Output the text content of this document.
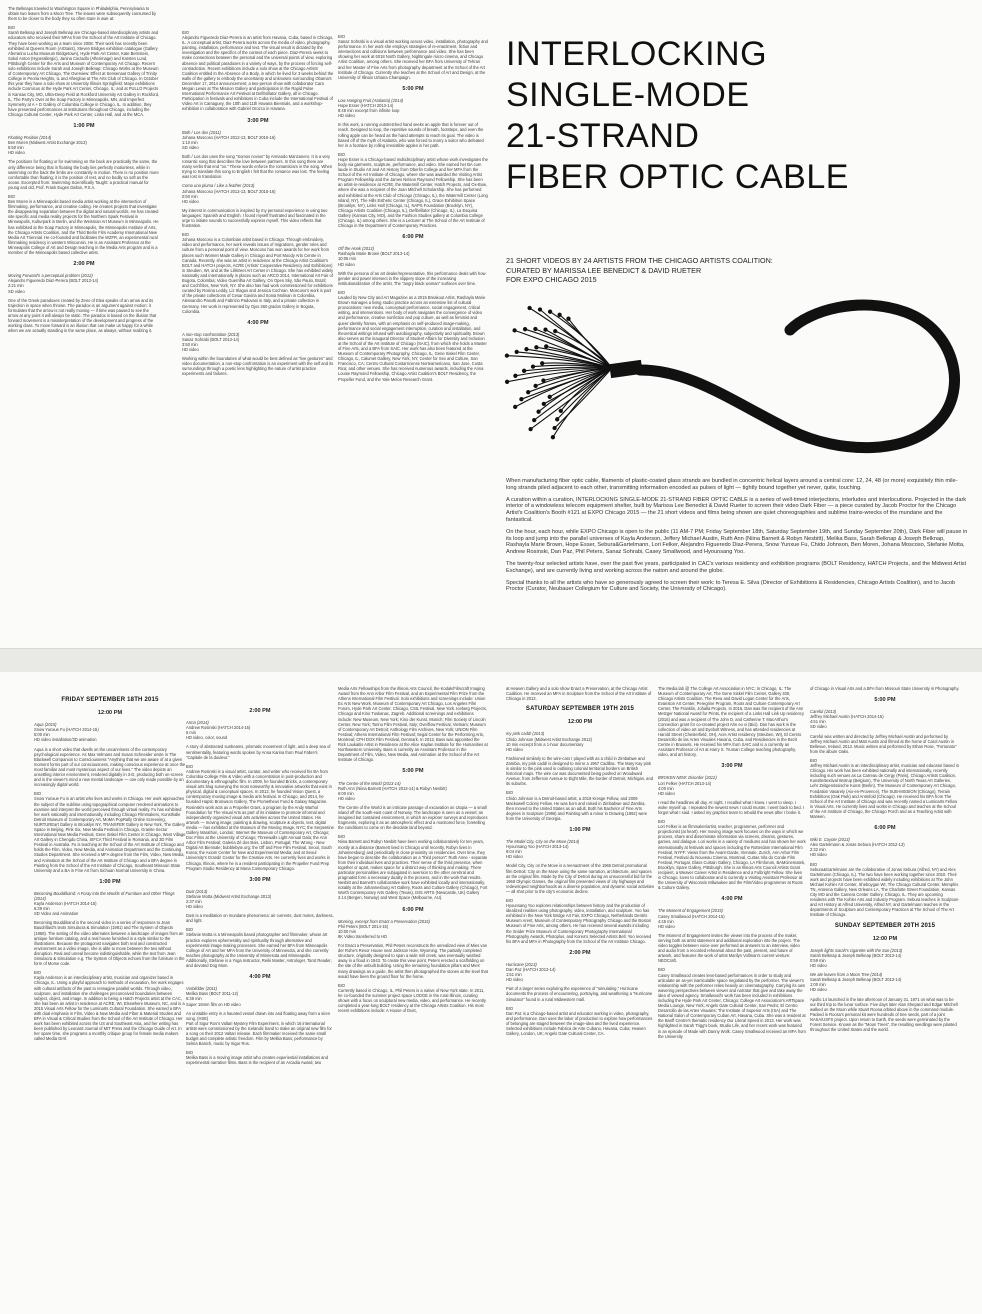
The Belknaps traveled to Washington Square in Philadelphia, Pennsylvania to obtain two leaves from a Moon Tree. The leaves were subsequently consumed by them to be closer to the body they so often stare in awe at.

BIO
Sarah Belknap and Joseph Belknap are Chicago-based interdisciplinary artists and educators who received their MFAs from the School of the Art Institute of Chicago. They have been working as a team since 2008. Their work has recently been exhibited at Queens Room (ArtSaint), Steven Bridges exhibition catalogue (Gallery Aferrarino Lucha Museum Bridgetown), Hyde Park Art Center, Kate Bernstein, Sokol Anton (Hyperallergic), Janina Ciezadlo (Afterimage) and Karsten Lund, Pittsburgh Center for the Arts and Museum of Contemporary Art Chicago. Recent solo exhibitions include Sarah and Joseph Belknap: Chicago Works at the Museum of Contemporary Art Chicago, The Overview: Effect at Sensenaut Gallery of Trinity College in Peoria Heights, IL and Afterglow at The Arts Club of Chicago. In October this year they have a solo show at University Illinois Springfield. Major exhibitions include Cosmicus at the Hyde Park Art Center, Chicago, IL; and at PULLO Projects in Kansas City, MO, Ultra-Deep Field at Rockford University Art Gallery in Rockford, IL, The Party's Over at the Soap Factory in Minneapolis, MN, and Imperfect Symmetry at A + D Gallery of Columbia College in Chicago, IL. In addition, they have presented performances at institutions throughout Chicago, including the Chicago Cultural Center, Hyde Park Art Center, Links Hall, and at the MCA.

1:00 PM
Floating Position (2014)
Ben Moren (Midwest Artist Exchange 2013)
5:50 min
HD video

The positions for floating or for swimming on the back are practically the same, the only difference being that in floating the body lies perfectly motionless, while in swimming on the back the limbs are constantly in motion. There is no position more comfortable than floating; it is the position of rest, and no bodily so soft as the ocean. Excerpted from: Swimming Scientifically Taught: a practical manual for young and old, Prof. Frank Eugen Dalton, P.S.A.

BIO
Ben Moren is a Minneapolis based media artist working at the intersection of filmmaking, performance, and creative coding. He creates projects that investigate the disappearing separation between the digital and natural worlds. He has created site specific and media reality projects for the Northern Spark Festival in Minneapolis, Kulturpark in Berlin, and the Weisman Art Museum in Minneapolis. He has exhibited at the Soap Factory in Minneapolis, the Minneapolis Institute of Arts, the Chicago Artists Coalition, and the Third Berlin Film Academy International New Media Art Triennial. He co-founded and facilitates the WZFR, an experimental rural filmmaking residency in western Wisconsin. He is an Assistant Professor at the Minneapolis College of Art and Design teaching in the Media Arts program and is a member of the Minneapolis based collective artist.

2:00 PM
Moving Forward's a perceptual problem (2012)
Alejandro Figueredo Diaz-Perera (BOLT 2013-14)
2:21 min
SD video

One of the Greek paradoxes created by Zeno of Elea speaks of an arrow and its trajection in space when thrown. The paradox is an argument against motion: it formulates that the arrow is not really moving — if time was paused to see the arrow at any point it will always be static. The paradox is based on the illusion that forward movement is a misinterpretation of the development and progress of the working class. To move forward is an illusion that can make us happy for a while when we are actually standing in the same place, as always, without realizing it.

BIO
Alejandro Figueredo Diaz-Perera is an artist from Havana, Cuba, based in Chicago, IL. A conceptual artist, Diaz-Perera works across the media of video, photography, painting, installation, performance and text. The visual result is dictated by the investigation and the specifics of the context of each piece. Diaz-Perera seeks to make connections between the personal and the universal points of view, exploring absence and political paradoxes in a variety of ways, by the process of forcing self-contradiction. Recent exhibitions include a solo show at the Chicago Artists' Coalition entitled In the Absence of a Body, in which he lived for 3 weeks behind the walls of the gallery to embody the uncertainty and unknowns surrounding Obama's December 17, 2014 announcement; a two-person show with collaborator Cara Megan Lewis at The Mission Gallery and participation in the Rapid Pulse International Performance Art Festival at Defibrillator Gallery, all in Chicago. Participation in festivals and exhibitions in Cuba include the International Festival of Video Art in Camaguey, the 10th and 11th Havana Biennials, and a workshop-exhibition in collaboration with Gabriel Orozco in Havana.

3:00 PM
Both / Los dos (2011)
Johana Moscoso (HATCH 2012-13, BOLT 2015-16)
1:10 min
SD video

Both / Los dos uses the song "Somos novios" by Armando Manzanero. It is a very romantic song that describes the love between partners. In this song there are many verbs that end "os." These words enforce the romanticism in the song. When trying to translate this song to English I felt that the romance was lost. The feeling was lost in translation.

Como una pluma / Like a feather (2013)
Johana Moscoso (HATCH 2012-13, BOLT 2015-16)
0:50 min
HD video

My interest in communication is inspired by my personal experience in using two languages: Spanish and English. I found myself frustrated and fascinated in the urge to initiate sounds to successfully express myself. This video reflects that frustration.

BIO
Johana Moscoso is a Colombian artist based in Chicago. Through embroidery, video and performance, her work reveals issues of migrations, gender roles and culture from a personal point of view. Moscoso has won awards for her work from places such Women Made Gallery in Chicago and Port Moody Arts Centre in Canada. Recently, she was an artist in residence at the Chicago Artist Coalition's BOLT and HATCH projects, ACRE (Artists' Cooperative Residency and Exhibitions) in Steuben, WI, and at the Lillstreet Art Center in Chicago. She has exhibited widely nationally and internationally in places such as ARCO 2014, International Art Fair of Bogota, Colombia; Video Guerrilha Art Gallery, On Open Sky, São Paulo, Brazil; and Cochfritos, New York, NY. She also has had work commissioned for exhibitions curated by Rosina Leddy, Liz Slagus and Jessica Cochran. Moscoso's work is part of the private collections of Cesar Gaviria and Sonia Molinan in Colombia, Alessandro Pasotti and Fabrizio Padovani in Italy, and a private collection in Germany. Her work is represented by Ojos 360 grados Gallery in Bogota, Colombia.

4:00 PM
A non-stop confrontation (2013)
Sanaz Sohrabi (BOLT 2013-14)
3:50 min
HD video

Working within the boundaries of what would be best defined as "live gestures" and video documentation, a non-stop confrontation is an experiment with the self and its surroundings through a poetic lens highlighting the nature of artist practice experiments and failures.

BIO
Sanaz Sohrabi is a visual artist working across video, installation, photography and performance. In her work she employs strategies of re-enactment, fiction and intersections and collisions between performance and video. She has been showing her work at 6018 North Gallery, Nightingale micro cinema, and Chicago Artist Coalition, among others. She received her BFA from University of Tehran and her Master of Fine Arts from photography department at the School of the Art Institute of Chicago. Currently she teaches at the School of Art and Design, at the University of Illinois Urbana Champaign.

5:00 PM
Low Hanging Fruit (Atalanta) (2014)
Hope Esser (HATCH 2013-14)
8:48 min excerpt from infinite loop
HD video

In this work, a running outstretched hand seeks an apple that is forever out of reach. Designed to loop, the repetitive sounds of breath, footsteps, and even the rolling apple can be heard as the hand attempts to reach its goal. The video is based off of the myth of Atalanta, who was forced to marry a suitor who defeated her in a footrace by rolling irresistible apples in her path.

BIO
Hope Esser is a Chicago-based multidisciplinary artist whose work investigates the body via garments, sculpture, performance, and video. She earned her BA cum laude in Studio Art and Art History from Oberlin College and her MFA from the School of the Art Institute of Chicago, where she was awarded the Visiting Artist Program Fellowship and the James Nelson Raymond Fellowship. She has been an artist-in-residence at ACRE, the Watermill Center, Hatch Projects, and Ox-Bow, where she was a recipient of the Joan Mitchell Scholarship. She has performed and exhibited at the Arts Club of Chicago (Chicago, IL), the Watermill Center (Long Island, NY), The Hills Esthetic Center (Chicago, IL), Grace Exhibition Space (Brooklyn, NY), Links Hall (Chicago, IL), NAPS Foundation (Brooklyn, NY), Chicago Artists Coalition (Chicago, IL), Defibrillator (Chicago, IL), La Esquina Gallery (Kansas City, MO), and the Fashion Studies gallery at Columbia College (Chicago, IL) among others. She is a Lecturer at The School of the Art Institute of Chicago in the Department of Contemporary Practices.

6:00 PM
Off the Hook (2013)
Rashayla Marie Brown (BOLT 2013-14)
10:06 min
HD video

With the persona of an art dealer/representative, this performance deals with how gender and power intersect in the slippery slope of the increasing institutionalization of the artist. The "angry black woman" surfaces over time.

BIO
Lauded by New City and Art Magazine as a 2015 Breakout Artist, Rashayla Marie Brown manages a living studio practice across an extensive list of cultural provocations: new media, conceptual performance, social engagement, critical writing, and interventions. Her body of work navigates the convergence of video and performance, creative nonfiction and pop culture, as well as feminist and queer identity frames, with an emphasis on self-produced image-making, performance and social engagement interruption, curation and installation, and theoretical writings infused with autobiography, subjectivity and spirituality. Brown also serves as the inaugural Director of Student Affairs for Diversity and Inclusion at the School of the Art Institute of Chicago (SAIC), from which she holds a Master of Fine Arts, and a BFA from SAIC. Her work has also been featured at the Museum of Contemporary Photography, Chicago, IL, Gene Siskel Film Center, Chicago, IL, Calumet Gallery, New York, NY; Center for Sex and Culture, San Francisco, CA; Centro Cultural Costarricense Norteamericano, San Jose, Costa Rica; and other venues. She has received numerous awards, including the Anna Louise Raymond Fellowship, Chicago Artist Coalition's BOLT Residency, the Propeller Fund, and the Yale Melon Research Grant.

INTERLOCKING
SINGLE-MODE
21-STRAND
FIBER OPTIC CABLE
21 SHORT VIDEOS BY 24 ARTISTS FROM THE CHICAGO ARTISTS COALITION:
CURATED BY MARISSA LEE BENEDICT & DAVID RUETER
FOR EXPO CHICAGO 2015

When manufacturing fiber optic cable, filaments of plastic-coated glass strands are bundled in concentric helical layers around a central core: 12, 24, 48 (or more) exquisitely thin mile-long strands piled adjacent to each other, transmitting information encoded as pulses of light — tightly bound together yet never, quite, touching.

A curation within a curation, INTERLOCKING SINGLE-MODE 21-STRAND FIBER OPTIC CABLE is a series of well-timed interjections, interludes and interlocutions. Projected in the dark interior of a windowless telecom equipment shelter, built by Marissa Lee Benedict & David Rueter to screen their video Dark Fiber — a piece curated by Jacob Proctor for the Chicago Artist's Coalition's Booth #121 at EXPO Chicago 2015 — the 21 short videos and films being shown are quiet choreographies and sublime trains-wrecks of the mundane and the fantastical.

On the hour, each hour, while EXPO Chicago is open to the public (11 AM-7 PM; Friday September 18th, Saturday September 19th, and Sunday September 20th), Dark Fiber will pause in its loop and jump into the parallel universes of Kayla Anderson, Jeffery Michael Austin, Ruth Ann (Niina Barnett & Robyn Nesbitt), Melika Bass, Sarah Belknap & Joseph Belknap, Rashayla Marie Brown, Hope Esser, Sebura&Gartelmann, Lori Felker, Alejandro Figueredo Diaz-Perera, Snow Yunxue Fu, Chido Johnson, Ben Moren, Johana Moscoso, Stefanie Motta, Andrew Rosinski, Dan Paz, Phil Peters, Sanaz Sohrabi, Casey Smallwood, and Hyounsang Yoo.

The twenty-four selected artists have, over the past five years, participated in CAC's various residency and exhibition programs (BOLT Residency, HATCH Projects, and the Midwest Artist Exchange), and are currently living and working across the nation and around the globe.

Special thanks to all the artists who have so generously agreed to screen their work: to Teresa E. Silva (Director of Exhibitions & Residencies, Chicago Artists Coalition), and to Jacob Proctor (Curator, Neubauer Collegium for Culture and Society, the University of Chicago).

FRIDAY SEPTEMBER 18TH 2015
12:00 PM
Aqua (2015)
Snow Yunxue Fu (HATCH 2014-15)
5:00 min
HD video installation/3D animation

Aqua is a short video that dwells on the uncanniness of the contemporary psychological experience. As Max Velmans and Susan Schneider wrote in The Blackwell Companion to Consciousness "Anything that we are aware of at a given moment forms part of our consciousness, making conscious experience at once the most familiar and most mysterious aspect of our lives." The video depicts an unsettling interior environment, rendered digitally in 3-D, producing both on-screen and in the viewer's mind a new mental landscape — one only made possible by an increasingly digital world.

BIO
Snow Yunxue Fu is an artist who lives and works in Chicago. Her work approaches the subject of the sublime using topographical computer rendered animations to examine and interpret the world perceived through virtual reality. Fu has exhibited her work nationally and internationally, including Chicago Filmmakers, Kunsthalle Detroit Museum of Contemporary Art, MoMA PopRally Online Screening, NURTUREart Gallery in Brooklyn NY, TRANSFER Gallery in New York, The Gallery Space in Beijing, Pink Six, New Media Festival in Chicago, Granite Sector International New Media Festival, Gene Siskel Film Center in Chicago, West Village Art Gallery in Chengdu China, SIFCA Third Festival in Romania, and 3D Film Festival in Australia. Fu is teaching at the School of the Art Institute of Chicago and holds the Film, Video, New Media, and Animation Department and the Continuing Studies Department. She received a MFA degree from the Film, Video, New Media, and Animation at the School of the Art Institute of Chicago and a BFA degree in Painting from the School of the Art Institute of Chicago, Southeast Missouri State University and a BA in Fine Art from Sichuan Normal University in China.

1:00 PM
Becoming Bouddikand: A Foray into the Worlds of Furniture and Other Things (2014)
Kayla Anderson (HATCH 2014-15)
6:39 min
SD Video and Animation

Becoming Bouddikand is the second video in a series of responses to Jean Baudrillard's texts Simulacra & Simulation (1981) and The System of Objects (1968). The setting of the video alternates between a landscape of images from an antique furniture catalog, and a real house furnished in a style similar to the illustrations. Because the protagonist navigates both real and constructed environment as a video image, she is able to move between the two without disruption. Real and unreal become indistinguishable, while the text from Jean Simulacra & Simulation e.g. The System of Objects echoes from the furniture in the form of Morse code.

BIO
Kayla Anderson is an interdisciplinary artist, musician and organizer based in Chicago, IL. Using a playful approach to methods of excavation, her work engages with cultural artifacts of the past to reimagine parallel worlds. Through video, sculpture, and installation she challenges preconceived boundaries between subject, object, and image. In addition to being a Hatch Projects artist at the CAC, she has been an artist in residence at ACRE, WI, Elsewhere Museum, NC, and is a 2015 Visual Arts Fellow for the Luminarts Cultural Foundation. She earned a BFA with dual emphasis in Film, Video & New Media and Fiber & Material Studies and BFA in Visual & Critical Studies from the School of the Art Institute of Chicago. Her work has been exhibited across the US and Southeast Asia, and her writing has been published by Leonard Journal of MIT Press and the Chicago Guide of Art. In her spare time, she programs a monthly critique group for female media makers called Media Grrrl.

2:00 PM
Arma (2014)
Andrew Rosinski (HATCH 2014-15)
6 min
HD video, color, sound

A story of abstracted sunbeams, prismatic movement of light, and a deep sea of sentimentality, featuring words spoken by Anna Karina from Paul Fabre's "Capitale de la douleur."

BIO
Andrew Rosinski is a visual artist, curator, and writer who received his BA from Columbia College Film & Video with a concentration in post-production and documentary & ethnographic film. In 2009, he founded Bricks, a contemporary visual arts blog surveying the most noteworthy & innovative artworks that exist in physical, digital & conceptual spaces. In 2012, he founded Vision Quest, a contemporary moving image & media arts festival. In Chicago, and 2014, he founded Haptic Bronwson Gallery, The Prometheus Fund & Galaxy Magazine. Rosinski's work acts as a Propeller Grant, a program by the Andy Warhol Foundation for The Visual Arts as part of its initiative to promote informal and independently organized visual arts activities across the United States. His artwork — moving image, painting & drawing, sculpture & objects, text, digital media — has exhibited at the Museum of the Moving Image, NYC; the Serpentine Gallery Marathon, London; Internet the Museum of Contemporary Art, Chicago; Doc Films at the University of Chicago; Threewalls Light Annual Gala; the Ann Arbor Film Festival; Galeria Zé dos Bois, Lisbon, Portugal; The Wrong - New Digital Art Biennale; bubblebyte.org; the Off and Free Film Festival, Seoul, South Korea; the Axiom Center for New and Experimental Media; and at Seoul University's Grandi! Center for the Creative Arts. He currently lives and works in Chicago, Illinois, where he is a resident participating in the Propeller Fund Prep Program Studio Residency at Mana Contemporary Chicago.

3:00 PM
Dust (2013)
Stefanie Motta (Midwest Artist Exchange 2013)
2:37 min
HD video

Dust is a meditation on mundane phenomena: air currents, dust motes, darkness, and light.

BIO
Stefanie Motta is a Minneapolis based photographer and filmmaker, whose art practice explores ephemerality and spirituality through alternative and experimental image making processes. She earned her BFA from Minneapolis College of Art and her MFA from the University of Minnesota, and she currently teaches photography at the University of Minnesota and Minneapolis. Additionally, Stefanie is a Yoga Instructor, Reiki Master, Astrologer, Tarot Reader, and devoted Dog Mom.

4:00 PM
Vorbildder (2011)
Melika Bass (BOLT 2011-12)
6:38 min
Super 16mm film on HD video

An unstable entry in a haunted vessel drawn into and floating away from a siren song. (HSE)
Part of Sigur Ros's Valtari Mystery Film Experiment, in which 16 international artists were commissioned by the Icelandic band to make an original new film for a song on their 2012 Valtari release. Each filmmaker received the same small budget and complete artistic freedom. Film by Melika Bass; performance by Selma Banich, music by Sigur Ros.

BIO
Melika Bass is a moving image artist who creates experiential installations and experimental narrative films. Bass is the recipient of an Arcadia Award, two

Media Arts Fellowships from the Illinois Arts Council, the Kodak/Filmcraft Imaging Award from the Ann Arbor Film Festival, and an Experimental Film Prize from the Athens International Film Festival. Solo exhibitions and screenings include: Union Ex Arts New Work, Museum of Contemporary Art Chicago, Los Angeles Film Forum, Hyde Park Art Center, Chicago, CSIL Festival, New York. Iceberg Projects, Chicago and Kino Tuskanac, Zagreb. Additional screenings and exhibitions include: New Museum, New York; Kino der Kunst, Munich; Film Society of Lincoln Center, New York; Torino Film Festival, Italy; Overflow Festival, Vietnam; Museum of Contemporary Art Detroit; Anthology Film Archives, New York; UNION Film Festival; Athens International Film Festival; Segal Center for the Performing Arts, Montreal; CPH DOX Film Festival, Denmark. In 2013, Bass was appointed the Rick Laukaitis Artist in Residence at the Alice Kaplan Institute for the Humanities at Northwestern University. Bass is currently an Assistant Professor in the Department of Film, Video, New Media, and Animation at the School of the Art Institute of Chicago.

5:00 PM
The Centre of the World (2013-14)
Ruth Ann (Niina Barnett (HATCH 2013-14) & Robyn Nesbitt)
6:00 min
HD video

The Centre of the World is an intricate passage of excavation on Utopia — a small island off the south-east coast of Norway. The landscape is seen as a vessel; an imagined but contained environment, in which an explorer surveys and reproduces fragments, exploring it as an atmospheric effect and a monitored force, foretelling the conditions to come on the desolate land beyond.

BIO
Niina Barnett and Robyn Nesbitt have been working collaboratively for ten years, mostly at a distance (Barnett lived in Chicago until recently, Robyn lives in Johannesburg) and periodically in close proximity on residencies. Over time, they have begun to describe the collaboration as a "third person": Ruth Anne - separate from their individual lives and practices. Their sense of the third presence, when together or apart, makes space for a distinct way of thinking and making. There particular personalities are subjugated in aversion to the other cerebral and pragmatist form a necessary duality in the process, and in the work that results. Nesbitt and Barnett's collaborative work have exhibited locally and internationally, notably at the Johannesburg Art Gallery, Roots and Culture Gallery (Chicago), Fort Worth Contemporary Arts Gallery (Texas), ISIS ARTS (Newcastle, UK) Gallery 3.14 (Bergen, Norway) and West Space (Melbourne, AU).

6:00 PM
Morning, excerpt from Enact a Preservation (2015)
Phil Peters (BOLT 2014-15)
10:00 min
8K Video transferred to HD

For Enact a Preservation, Phil Peters reconstructs the unrealized view of Mies van der Rohe's Resor House near Jackson Hole, Wyoming. The partially completed structure, originally designed to span a wide mill creek, was eventually washed away in a flood in 1943. To create this view point, Peters erected a scaffolding on the site of the unbuilt building. Using the remaining foundation pillars and Mies' many drawings as a guide, the artist then photographed the stones at the level that would have been the ground floor for the home.

BIO
Currently based in Chicago, IL, Phil Peters is a native of New York state. In 2011, he co-founded the summer project space LODGE in the rural Illinois, curating shows with a focus on sculptural new media, video, and performance. He recently completed a year-long BOLT residency at the Chicago Artists Coalition. His most recent exhibitions include: A House of Dust,

at Heaven Gallery and a solo show Enact a Preservation, at the Chicago Artist Coalition. He received an MFA in Sculpture from the School of the Art Institute of Chicago in 2013.

SATURDAY SEPTEMBER 19TH 2015
12:00 PM
my pink cadd! (2013)
Chido Johnson (Midwest Artist Exchange 2012)
10 min excerpt from a 1-hour documentary
HD video

Fashioned similarly to the wire-cars I played with as a child in Zimbabwe and Zambia, my pink cadd! is designed to mirror a 1967 Cadillac. The Mary Kay pink is similar to the pink used in outlining colonial territorial borders on British historical maps. The wire car was documented being pushed on Woodward Avenue, from Jefferson Avenue to Eight Mile, the border of Detroit, Michigan, and its suburbs.

BIO
Chido Johnson is a Detroit-based artist, a 2019 Kresge Fellow, and 2009 Mackowell Colony Fellow. He was born and raised in Zimbabwe and Zambia, then moved to the United States as an adult. Both his Bachelor of Fine Arts degrees in Sculpture (1996) and Painting with a minor in Drawing (1992) were from the University of Georgia.

1:00 PM
The Model City, City on the Move (2014)
Hyounsang Yoo (HATCH 2013-14)
9:04 min
HD video

Model City, City on the Move is a reenactment of the 1965 Detroit promotional film Detroit: City on the Move using the same narration, architecture, and spaces as the original film. Made by the City of Detroit during an unsuccessful bid for the 1968 Olympic Games, the original film presented views of city highways and redeveloped neighborhoods as a diverse population, and dynamic social activities — all shot prior to the city's economic decline.

BIO
Hyounsang Yoo explores relationships between history and the production of idealized realities using photography, video, installation, and sculpture. Yoo has exhibited in the New York Bridge Art Fair, EXPO Chicago, Netherlands Dentris Museum Arent, Museum of Contemporary Photography Chicago and the Boston Museum of Fine Arts, among others. He has received several awards including the Snider Prize Museum of Contemporary Photography International Photography Awards, Photoplus, and Korea's Selected Artists Bell. Yoo received his BFA and MFA in Photography from the School of the Art Institute Chicago.

2:00 PM
Hurricane (2013)
Dan Paz (HATCH 2013-14)
1:51 min
HD video

Part of a larger series exploring the experience of "simulating," Hurricane documents the process of encountering, portraying, and weathering a "Hurricane Simulator" found in a rural Midwestern mall.

BIO
Dan Paz is a Chicago-based artist and educator working in video, photography, and performance. Dan uses the labor of production to explore how performances of belonging are staged between the image-idea and the lived experience. Selected exhibitions include Fabrica de Arte Cubano, Havana, Cuba; Heaven Gallery, London, UK; Angels Gate Cultural Center, CA.

The Media lab @ The College Art Association in NYC; In Chicago, IL: The Museum of Contemporary Art, The Gene Siskel Film Center, Gallery 400, Chicago Artists Coalition, The Reva and David Logan Center for the Arts, Evanston Art Center, Peregrine Program, Roots and Culture Contemporary Art Center, The Franklin, Johalla Projects. In 2016, Dan was the recipient of the Ann Metzger National Award for Prints, the recipient of a Links Hall Link Up residency (2016) and was a recipient of The John D. and Catherine T. MacArthur's Connection grant for co-created project Ahn eo vi (Bici). Dan has work in the collection of video art and Eyebolt Witness, and has attended residencies at Harold Street (Chesterfield, OH), Acre Artist residency (Steuben, WI), El Centro Desarrollo de las Artes Visuales Havana, Cuba, and Residencies in the Bezit Centre in Brussels. He received his MFA from SAIC and is a currently an Assistant Professor of Art at Harry S. Truman College teaching photography, video, and art history.

3:00 PM
BROKEN NEW: Disorder (2012)
Lori Felker (HATCH 2013-14)
4:00 min
HD video

I read the headlines all day. At night, I recalled what I knew. I went to sleep. I woke myself up. I repeated the newest news I could muster. I went back to bed. I forgot what I said. I asked my graphics team to rebuild the news after I broke it.

BIO
Lori Felker is an filmmaker/artist, teacher, programmer, performer and projectionist (at heart). Her moving image work focuses on the ways in which we process, share and disseminate information via screens, dreams, gestures, games, and dialogue. Lori works in a variety of mediums and has shown her work internationally at festivals and spaces including the Rotterdam International Film Festival, NYFF: Views from the Avant-Garde, Viennale, Zurich, Ann Arbor Film Festival, Festival du Nouveau Cinema, Montreal, Curtas Vila do Conde Film Festival, Portugal, Glass Curtain Gallery, Chicago, LA Filmforum, BAMcinematek, Brooklyn, Spare Gallery, Pittsburgh. She is an Illinois Arts Council Artists Grant recipient, a Weaver Career Artist in Residence and a Fulbright Fellow. She lives in Chicago, loves to collaborate and is currently a Visiting Assistant Professor at the University of Wisconsin Milwaukee and the Film/Video programmer at Roots & Culture Gallery.

4:00 PM
The Moment of Engagement (2015)
Casey Smallwood (HATCH 2014-15)
4:45 min
HD video

The Moment of Engagement invites the viewer into the process of the maker, serving both as artist statement and additional exploration into the project. The video toggles between voice-over performed as answers to an interview, video and audio from a recorded rehearsal about the past, present, and future of artwork, and features the work of artist Marilyn Vollman's current venture: NEOCraft.

BIO
Casey Smallwood creates lens-based performances in order to study and articulate an as-yet inarticulable space negotiated by the performer. The viewer's relationship with the performer relies heavily on cinematography. Carrying its own wavering perspectives between viewer and narrator that give and take away the idea of viewed agency. Smallwood's work has been included in exhibitions including the Hyde Park Art Center, Chicago; College Art Association's ARTspace Media Lounge, New York; Angels Gate Cultural Center, San Pedro; El Centro Desarrollo de las Artes Visuales; The Institute of Superior Arts (ISA) and The National Salon of Contemporary Cuban Art, Havana, Cuba. She was a resident at the Banff Centre's thematic residency Our Literal Speed in 2013. Her work was highlighted in Sarah Trigg's book, Studio Life, and her recent work was featured in an episode of Made with Danny Wolk. Casey Smallwood received an MFA from the University

of Chicago in Visual Arts and a BFA from Missouri State University in Photography.

5:00 PM
Careful (2013)
Jeffrey Michael Austin (HATCH 2014-15)
4:51 min
SD video

Careful was written and directed by Jeffrey Michael Austin and performed by Jeffrey Michael Austin and Matt Austin and filmed at the home of Carol Austin in Bellevue, Ireland, 2013. Music written and performed by Ethan Rose, "Fortunato" from the album Oaks.

BIO
Jeffrey Michael Austin is an interdisciplinary artist, musician and educator based in Chicago. His work has been exhibited nationally and internationally, recently including such venues as La Carreau de Cergy (Paris), Chicago Artists Coalition, Kunstlertextival Wotrup (Belgium), The University of North Texas Art Galleries, Lehr Zeitgenössische Kunst (Berlin), The Museum of Contemporary Art Chicago, Fondation Vasarely (Aix-en-Provence), The SUB-MISSION (Chicago), Terrain Exhibitions (Oak Park) and Antmfold (Chicago). He received his BFA from The School of the Art Institute of Chicago and was recently named a Luminarts Fellow in Visual Arts. He currently lives and works in Chicago and teaches at the School of the Art Institute of Chicago, the Chicago Porch and as a Teaching Artist with Marwen.

6:00 PM
Wiki E. Coyote (2013)
Alex Gartelmann & Jonas Sebura (HATCH 2012-13)
2:32 min
HD video

BIO
Sebura&Gartelmann are the collaborative of Jonas Sebura (Alfred, NY) and Alex Gartelmann (Chicago, IL). The two have been working together since 2010. Their work and projects have been exhibited widely including exhibitions at The John Michael Kohler Art Center, Sheboygan WI, The Chicago Cultural Center, Memphis TN, Antenna Gallery, New Orleans LA, The Charlotte Street Foundation, Kansas City MO and the Camera Center Gallery, Chicago, IL. They are upcoming residents with The Kohler Arts and Industry Program. Sebura teaches in Sculpture and Art History at Alfred University, Alfred NY, and Gartelmann teaches in the departments of Sculpture and Contemporary Practices at The School of The Art Institute of Chicago.

SUNDAY SEPTEMBER 20TH 2015
12:00 PM
Joseph lights Sarah's cigarette with the Sun (2013)
Sarah Belknap & Joseph Belknap (BOLT 2013-14)
0:59 min
HD video
We ate leaves from a Moon Tree (2014)
Sarah Belknap & Joseph Belknap (BOLT 2013-14)
1:00 min
HD video

Apollo 14 launched in the late afternoon of January 31, 1971 on what was to be our third trip to the lunar surface. Five days later Alan Shepard and Edgar Mitchell walked on the Moon while Stuart Roosa orbited above in the command module. Packed in Roosa's personal kit were hundreds of tree seeds, part of a joint NASA/USFS project. Upon return to Earth, the seeds were germinated by the Forest Service. Known as the "Moon Trees", the resulting seedlings were planted throughout the United States and the world.
